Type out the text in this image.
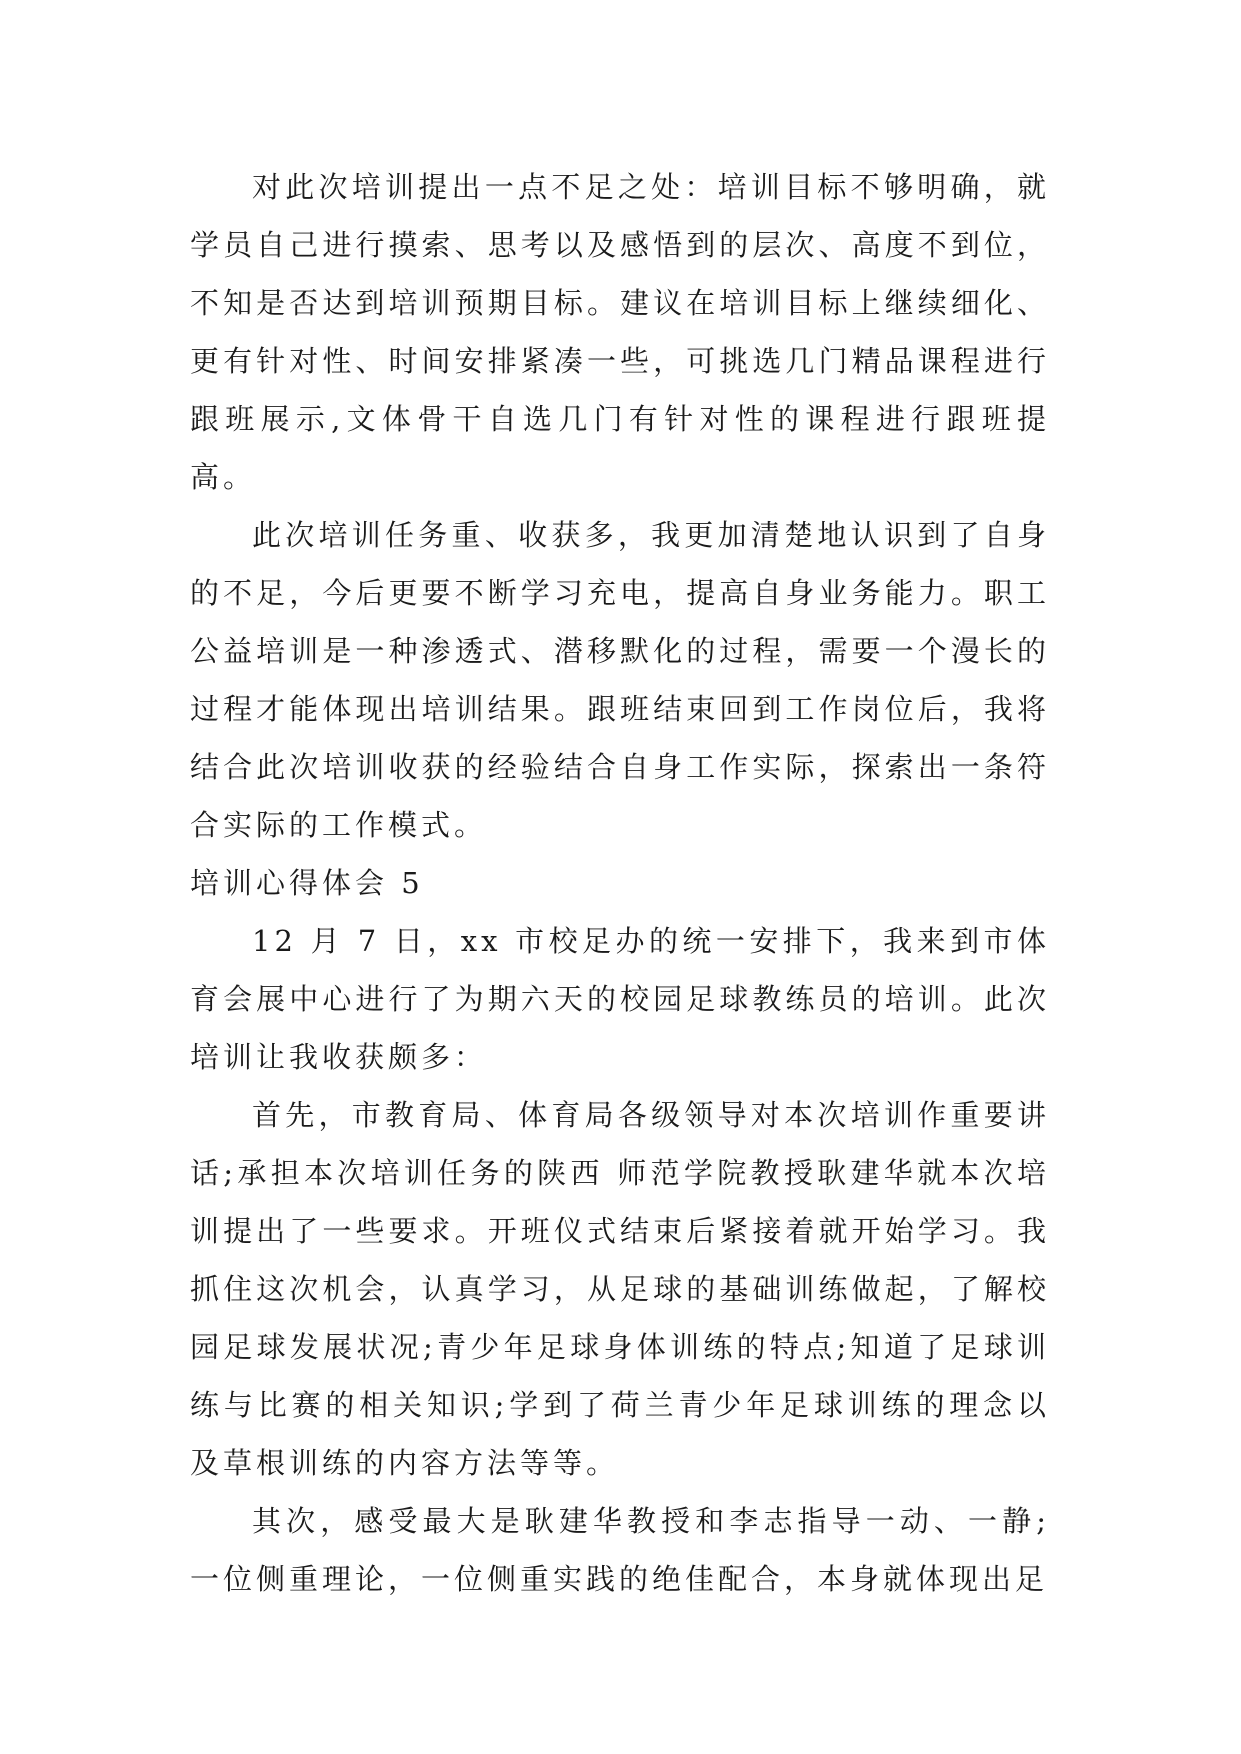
对此次培训提出一点不足之处：培训目标不够明确，就学员自己进行摸索、思考以及感悟到的层次、高度不到位，不知是否达到培训预期目标。建议在培训目标上继续细化、更有针对性、时间安排紧凑一些，可挑选几门精品课程进行跟班展示,文体骨干自选几门有针对性的课程进行跟班提高。

此次培训任务重、收获多，我更加清楚地认识到了自身的不足，今后更要不断学习充电，提高自身业务能力。职工公益培训是一种渗透式、潜移默化的过程，需要一个漫长的过程才能体现出培训结果。跟班结束回到工作岗位后，我将结合此次培训收获的经验结合自身工作实际，探索出一条符合实际的工作模式。

培训心得体会 5

12 月 7 日，xx 市校足办的统一安排下，我来到市体育会展中心进行了为期六天的校园足球教练员的培训。此次培训让我收获颇多：

首先，市教育局、体育局各级领导对本次培训作重要讲话;承担本次培训任务的陕西 师范学院教授耿建华就本次培训提出了一些要求。开班仪式结束后紧接着就开始学习。我抓住这次机会，认真学习，从足球的基础训练做起，了解校园足球发展状况;青少年足球身体训练的特点;知道了足球训练与比赛的相关知识;学到了荷兰青少年足球训练的理念以及草根训练的内容方法等等。

其次，感受最大是耿建华教授和李志指导一动、一静;一位侧重理论，一位侧重实践的绝佳配合，本身就体现出足
